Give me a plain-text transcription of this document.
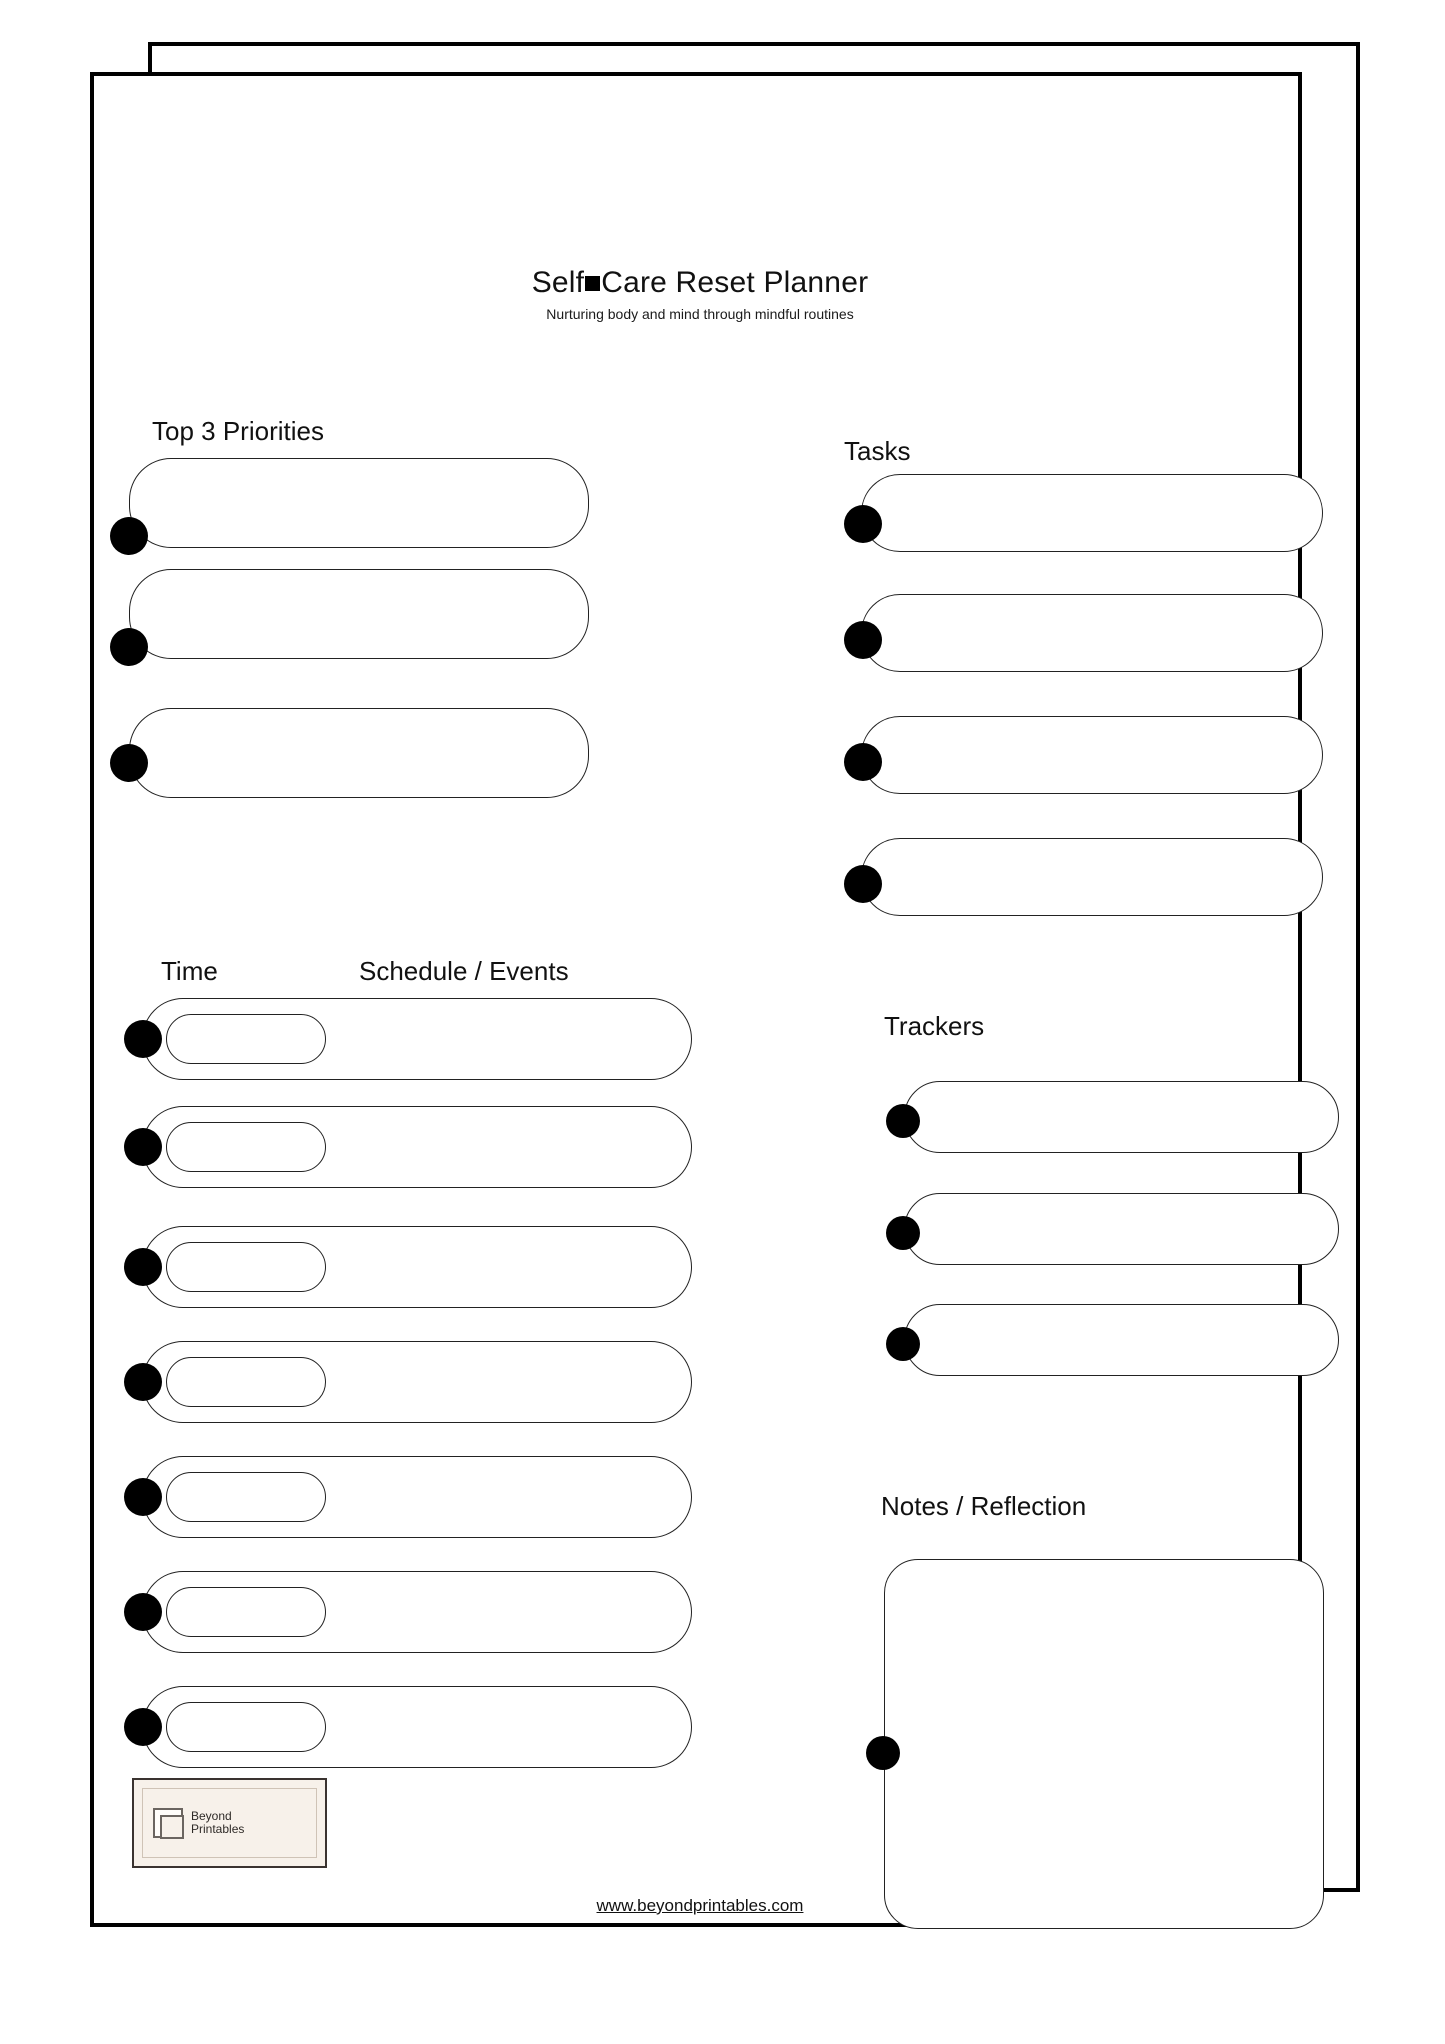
Self Care Reset Planner
Nurturing body and mind through mindful routines
Top 3 Priorities
Tasks
Time	Schedule / Events
Trackers
Notes / Reflection
Beyond
Printables
www.beyondprintables.com
